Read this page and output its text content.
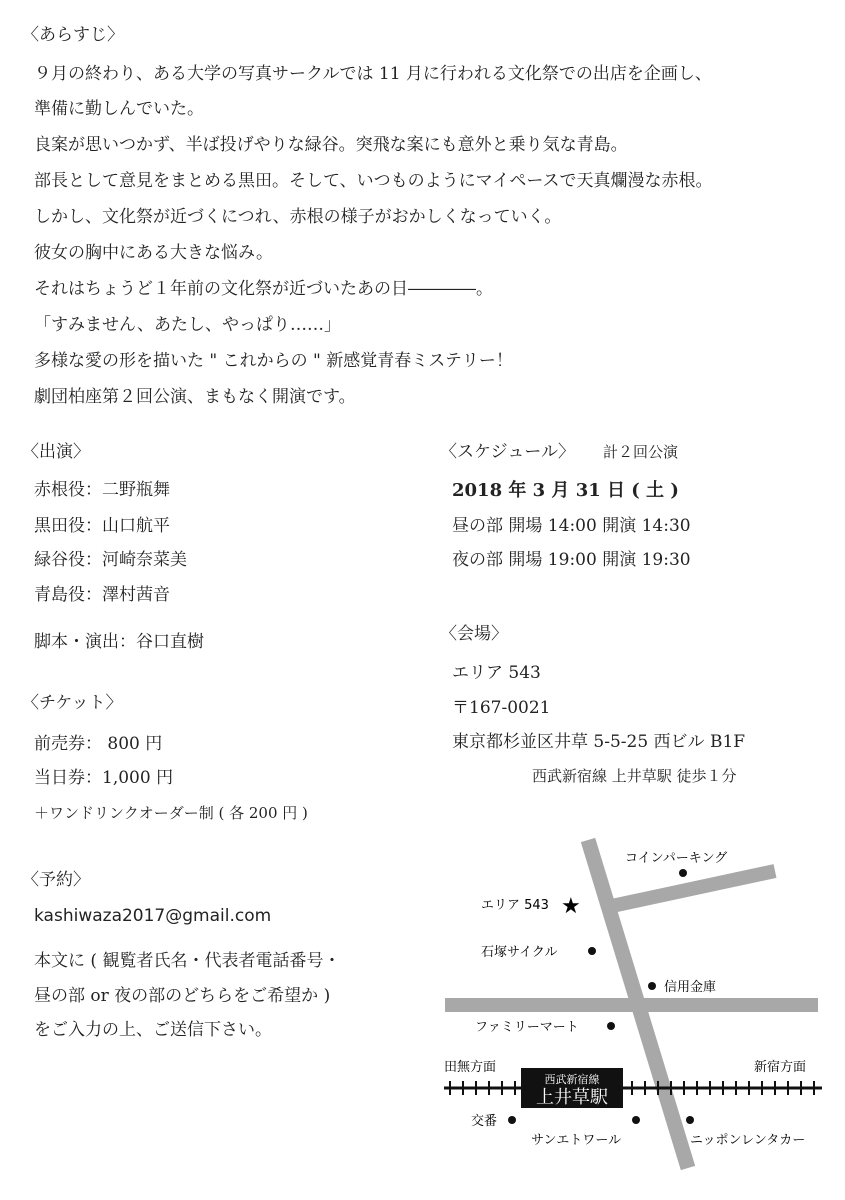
〈あらすじ〉
９月の終わり、ある大学の写真サークルでは 11 月に行われる文化祭での出店を企画し、
準備に勤しんでいた。
良案が思いつかず、半ば投げやりな緑谷。突飛な案にも意外と乗り気な青島。
部長として意見をまとめる黒田。そして、いつものようにマイペースで天真爛漫な赤根。
しかし、文化祭が近づくにつれ、赤根の様子がおかしくなっていく。
彼女の胸中にある大きな悩み。
それはちょうど１年前の文化祭が近づいたあの日――――。
「すみません、あたし、やっぱり……」
多様な愛の形を描いた " これからの " 新感覚青春ミステリー！
劇団柏座第２回公演、まもなく開演です。
〈出演〉
赤根役：二野瓶舞
黒田役：山口航平
緑谷役：河崎奈菜美
青島役：澤村茜音
脚本・演出：谷口直樹
〈チケット〉
前売券： 800 円
当日券：1,000 円
＋ワンドリンクオーダー制 ( 各 200 円 )
〈予約〉
kashiwaza2017@gmail.com
本文に ( 観覧者氏名・代表者電話番号・
昼の部 or 夜の部のどちらをご希望か )
をご入力の上、ご送信下さい。
〈スケジュール〉 計２回公演
2018 年 3 月 31 日 ( 土 )
昼の部 開場 14:00 開演 14:30
夜の部 開場 19:00 開演 19:30
〈会場〉
エリア 543
〒167-0021
東京都杉並区井草 5-5-25 西ビル B1F
西武新宿線 上井草駅 徒歩１分
西武新宿線
上井草駅
コインパーキング
エリア 543 ★
石塚サイクル
信用金庫
ファミリーマート
田無方面	新宿方面
交番
サンエトワール	ニッポンレンタカー
